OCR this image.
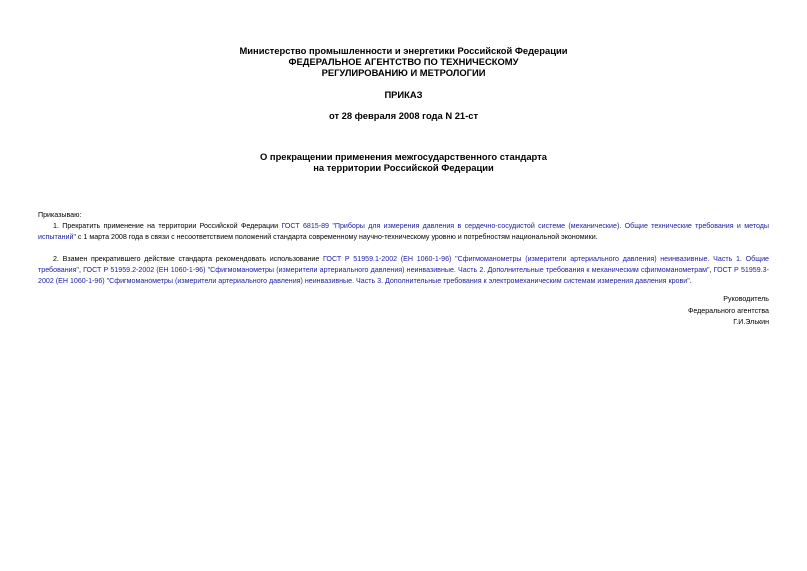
Министерство промышленности и энергетики Российской Федерации
ФЕДЕРАЛЬНОЕ АГЕНТСТВО ПО ТЕХНИЧЕСКОМУ
РЕГУЛИРОВАНИЮ И МЕТРОЛОГИИ
ПРИКАЗ
от 28 февраля 2008 года N 21-ст
О прекращении применения межгосударственного стандарта
на территории Российской Федерации

Приказываю:

1. Прекратить применение на территории Российской Федерации ГОСТ 6815-89 "Приборы для измерения давления в сердечно-сосудистой системе (механические). Общие технические требования и методы испытаний" с 1 марта 2008 года в связи с несоответствием положений стандарта современному научно-техническому уровню и потребностям национальной экономики.

2. Взамен прекратившего действие стандарта рекомендовать использование ГОСТ Р 51959.1-2002 (ЕН 1060-1-96) "Сфигмоманометры (измерители артериального давления) неинвазивные. Часть 1. Общие требования", ГОСТ Р 51959.2-2002 (ЕН 1060-1-96) "Сфигмоманометры (измерители артериального давления) неинвазивные. Часть 2. Дополнительные требования к механическим сфигмоманометрам", ГОСТ Р 51959.3-2002 (ЕН 1060-1-96) "Сфигмоманометры (измерители артериального давления) неинвазивные. Часть 3. Дополнительные требования к электромеханическим системам измерения давления крови".

Руководитель
Федерального агентства
Г.И.Элькин
